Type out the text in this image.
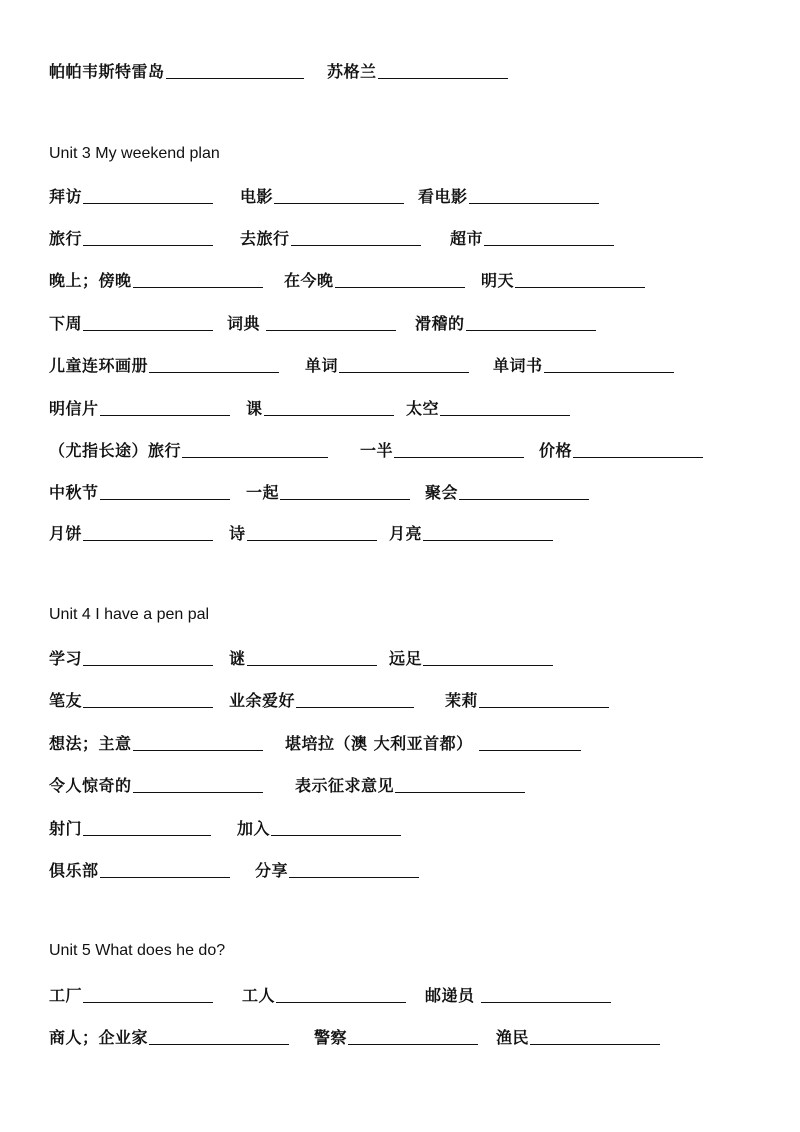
帕帕韦斯特雷岛	苏格兰
Unit 3 My weekend plan
拜访	电影	看电影
旅行	去旅行	超市
晚上；傍晚	在今晚	明天
下周	词典	滑稽的
儿童连环画册	单词	单词书
明信片	课	太空
（尤指长途）旅行	一半	价格
中秋节	一起	聚会
月饼	诗	月亮
Unit 4 I have a pen pal
学习	谜	远足
笔友	业余爱好	茉莉
想法；主意	堪培拉（澳 大利亚首都）
令人惊奇的	表示征求意见
射门	加入
俱乐部	分享
Unit 5 What does he do?
工厂	工人	邮递员
商人；企业家	警察	渔民
